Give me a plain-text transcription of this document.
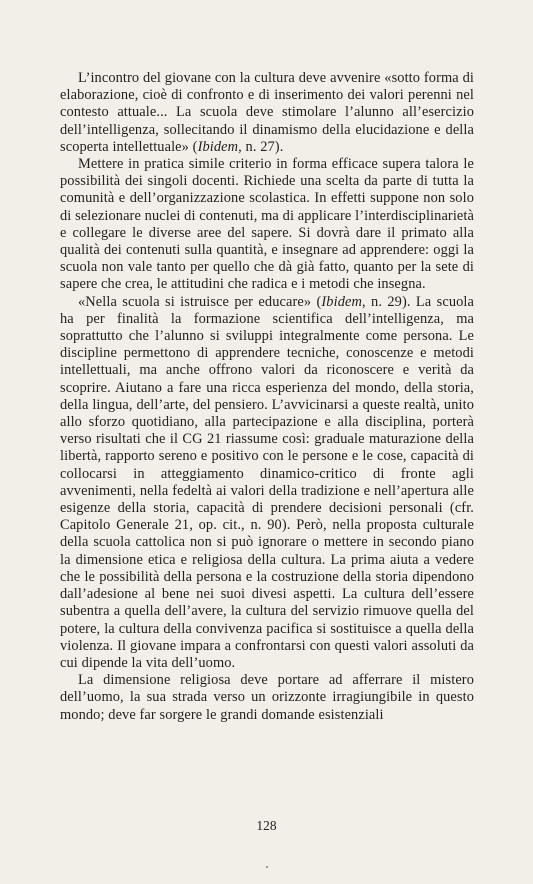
L’incontro del giovane con la cultura deve avvenire «sotto forma di elaborazione, cioè di confronto e di inserimento dei valori perenni nel contesto attuale... La scuola deve stimolare l’alunno all’esercizio dell’intelligenza, sollecitando il dinamismo della elucidazione e della scoperta intellettuale» (Ibidem, n. 27).

Mettere in pratica simile criterio in forma efficace supera talora le possibilità dei singoli docenti. Richiede una scelta da parte di tutta la comunità e dell’organizzazione scolastica. In effetti suppone non solo di selezionare nuclei di contenuti, ma di applicare l’interdisciplinarietà e collegare le diverse aree del sapere. Si dovrà dare il primato alla qualità dei contenuti sulla quantità, e insegnare ad apprendere: oggi la scuola non vale tanto per quello che dà già fatto, quanto per la sete di sapere che crea, le attitudini che radica e i metodi che insegna.

«Nella scuola si istruisce per educare» (Ibidem, n. 29). La scuola ha per finalità la formazione scientifica dell’intelligenza, ma soprattutto che l’alunno si sviluppi integralmente come persona. Le discipline permettono di apprendere tecniche, conoscenze e metodi intellettuali, ma anche offrono valori da riconoscere e verità da scoprire. Aiutano a fare una ricca esperienza del mondo, della storia, della lingua, dell’arte, del pensiero. L’avvicinarsi a queste realtà, unito allo sforzo quotidiano, alla partecipazione e alla disciplina, porterà verso risultati che il CG 21 riassume così: graduale maturazione della libertà, rapporto sereno e positivo con le persone e le cose, capacità di collocarsi in atteggiamento dinamico-critico di fronte agli avvenimenti, nella fedeltà ai valori della tradizione e nell’apertura alle esigenze della storia, capacità di prendere decisioni personali (cfr. Capitolo Generale 21, op. cit., n. 90). Però, nella proposta culturale della scuola cattolica non si può ignorare o mettere in secondo piano la dimensione etica e religiosa della cultura. La prima aiuta a vedere che le possibilità della persona e la costruzione della storia dipendono dall’adesione al bene nei suoi divesi aspetti. La cultura dell’essere subentra a quella dell’avere, la cultura del servizio rimuove quella del potere, la cultura della convivenza pacifica si sostituisce a quella della violenza. Il giovane impara a confrontarsi con questi valori assoluti da cui dipende la vita dell’uomo.

La dimensione religiosa deve portare ad afferrare il mistero dell’uomo, la sua strada verso un orizzonte irragiungibile in questo mondo; deve far sorgere le grandi domande esistenziali

128
